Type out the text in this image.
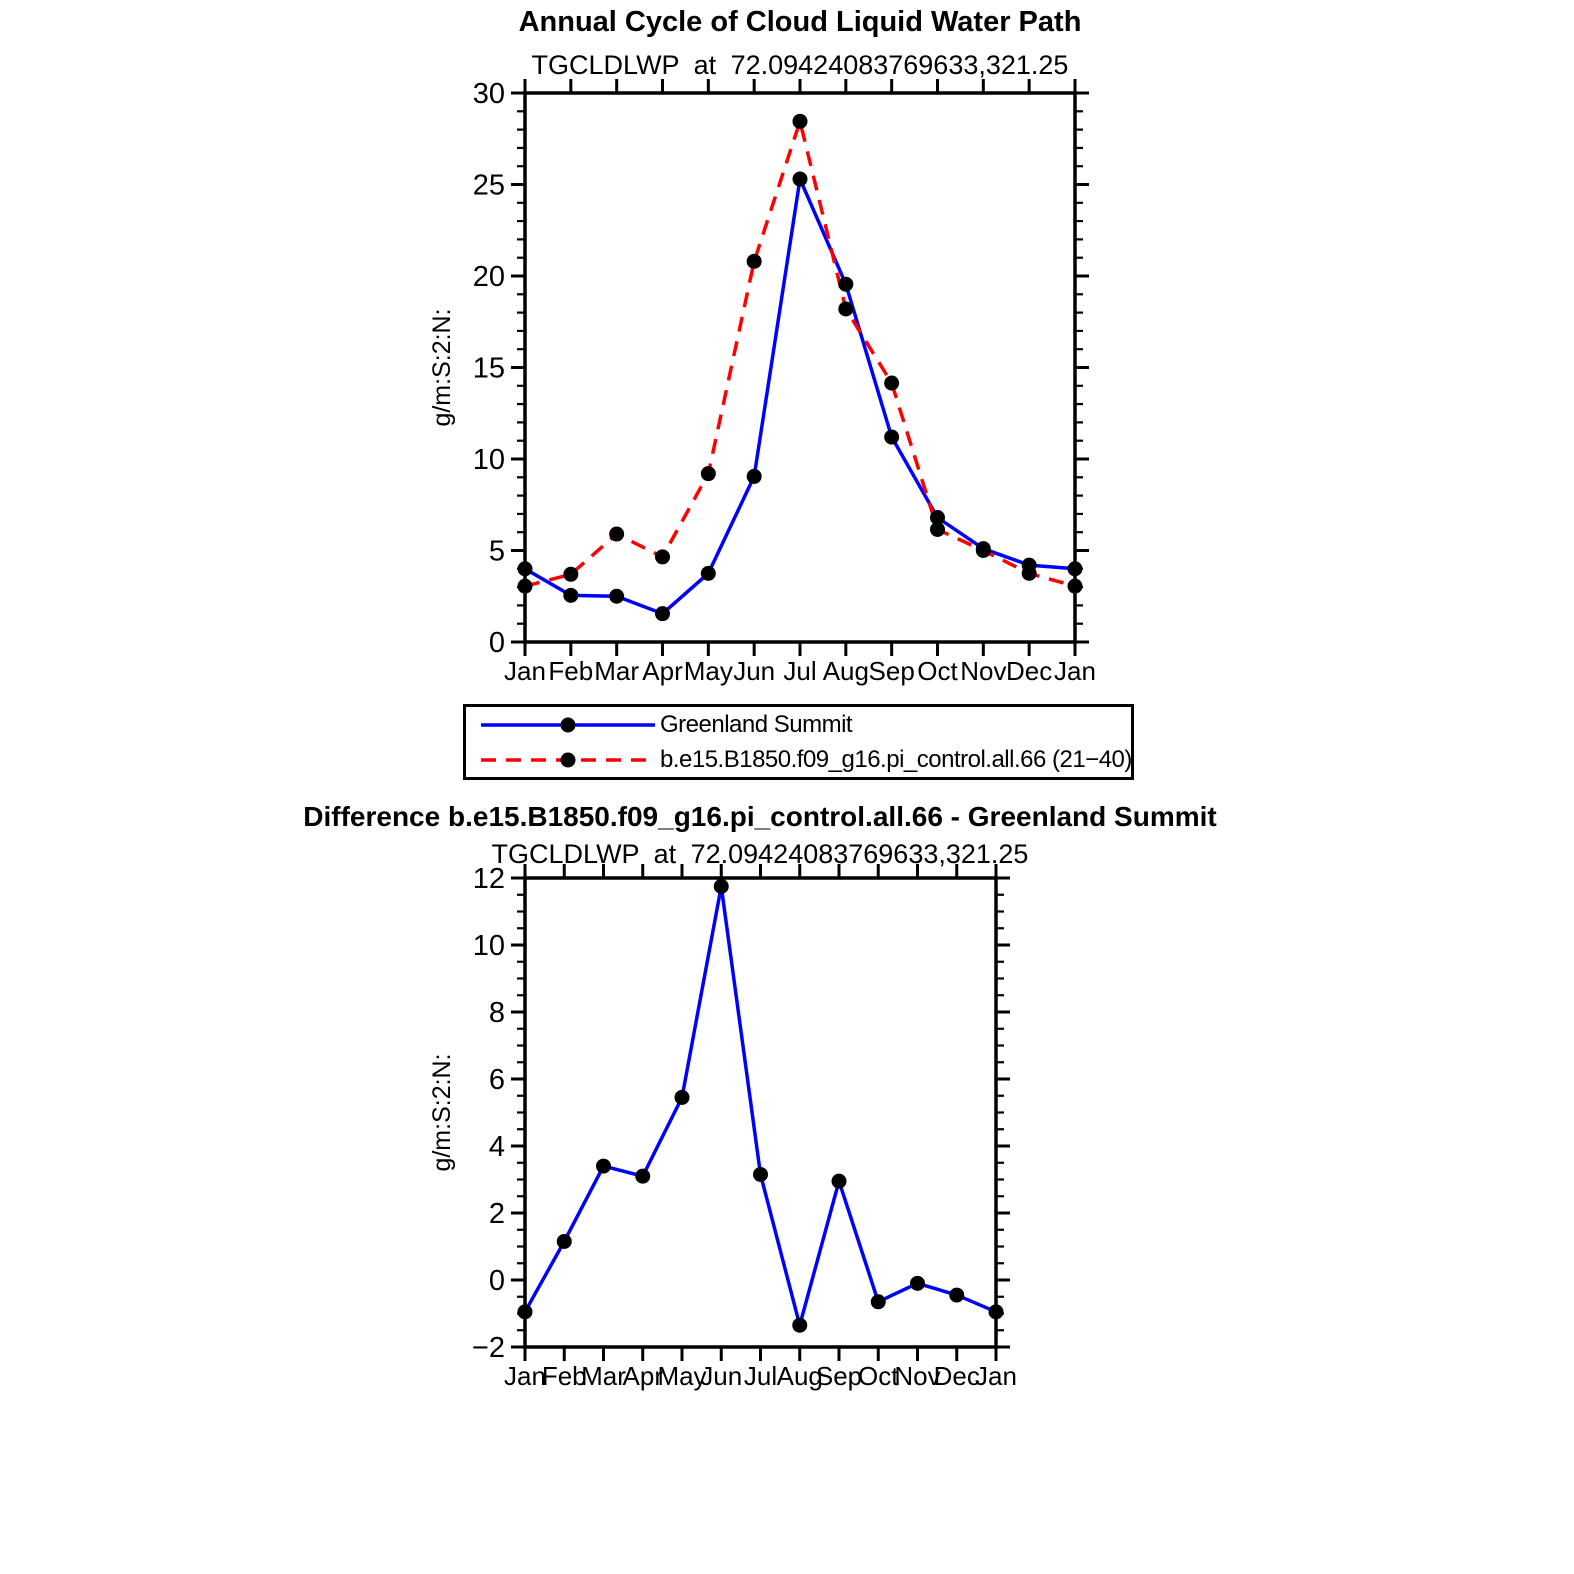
Annual Cycle of Cloud Liquid Water Path
TGCLDLWP at 72.09424083769633,321.25
0
5
10
15
20
25
30
Jan Feb Mar Apr May Jun Jul Aug Sep Oct Nov Dec Jan
g/m:S:2:N:
Greenland Summit
b.e15.B1850.f09_g16.pi_control.all.66 (21−40)
Difference b.e15.B1850.f09_g16.pi_control.all.66 - Greenland Summit
TGCLDLWP at 72.09424083769633,321.25
−2
0
2
4
6
8
10
12
Jan
Feb
Mar
Apr
May
Jun Jul Aug
Sep
Oct
Nov
Dec
Jan
g/m:S:2:N:
